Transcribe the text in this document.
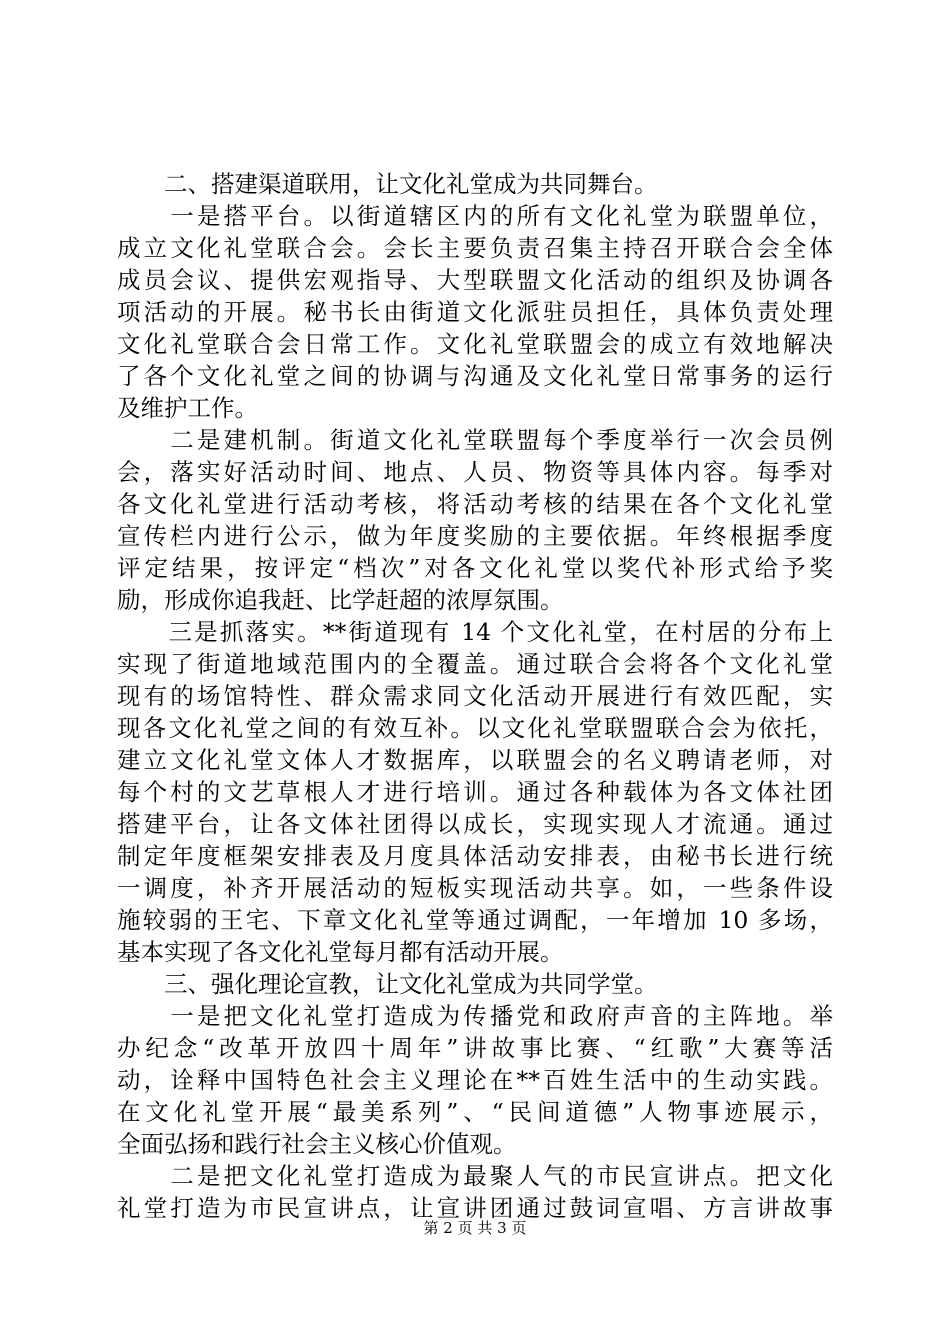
　　二、搭建渠道联用，让文化礼堂成为共同舞台。
　　一是搭平台。以街道辖区内的所有文化礼堂为联盟单位，
成立文化礼堂联合会。会长主要负责召集主持召开联合会全体
成员会议、提供宏观指导、大型联盟文化活动的组织及协调各
项活动的开展。秘书长由街道文化派驻员担任，具体负责处理
文化礼堂联合会日常工作。文化礼堂联盟会的成立有效地解决
了各个文化礼堂之间的协调与沟通及文化礼堂日常事务的运行
及维护工作。
　　二是建机制。街道文化礼堂联盟每个季度举行一次会员例
会，落实好活动时间、地点、人员、物资等具体内容。每季对
各文化礼堂进行活动考核，将活动考核的结果在各个文化礼堂
宣传栏内进行公示，做为年度奖励的主要依据。年终根据季度
评定结果，按评定“档次”对各文化礼堂以奖代补形式给予奖
励，形成你追我赶、比学赶超的浓厚氛围。
　　三是抓落实。**街道现有 14 个文化礼堂，在村居的分布上
实现了街道地域范围内的全覆盖。通过联合会将各个文化礼堂
现有的场馆特性、群众需求同文化活动开展进行有效匹配，实
现各文化礼堂之间的有效互补。以文化礼堂联盟联合会为依托，
建立文化礼堂文体人才数据库，以联盟会的名义聘请老师，对
每个村的文艺草根人才进行培训。通过各种载体为各文体社团
搭建平台，让各文体社团得以成长，实现实现人才流通。通过
制定年度框架安排表及月度具体活动安排表，由秘书长进行统
一调度，补齐开展活动的短板实现活动共享。如，一些条件设
施较弱的王宅、下章文化礼堂等通过调配，一年增加 10 多场，
基本实现了各文化礼堂每月都有活动开展。
　　三、强化理论宣教，让文化礼堂成为共同学堂。
　　一是把文化礼堂打造成为传播党和政府声音的主阵地。举
办纪念“改革开放四十周年”讲故事比赛、“红歌”大赛等活
动，诠释中国特色社会主义理论在**百姓生活中的生动实践。
在文化礼堂开展“最美系列”、“民间道德”人物事迹展示，
全面弘扬和践行社会主义核心价值观。
　　二是把文化礼堂打造成为最聚人气的市民宣讲点。把文化
礼堂打造为市民宣讲点，让宣讲团通过鼓词宣唱、方言讲故事
第 2 页 共 3 页
